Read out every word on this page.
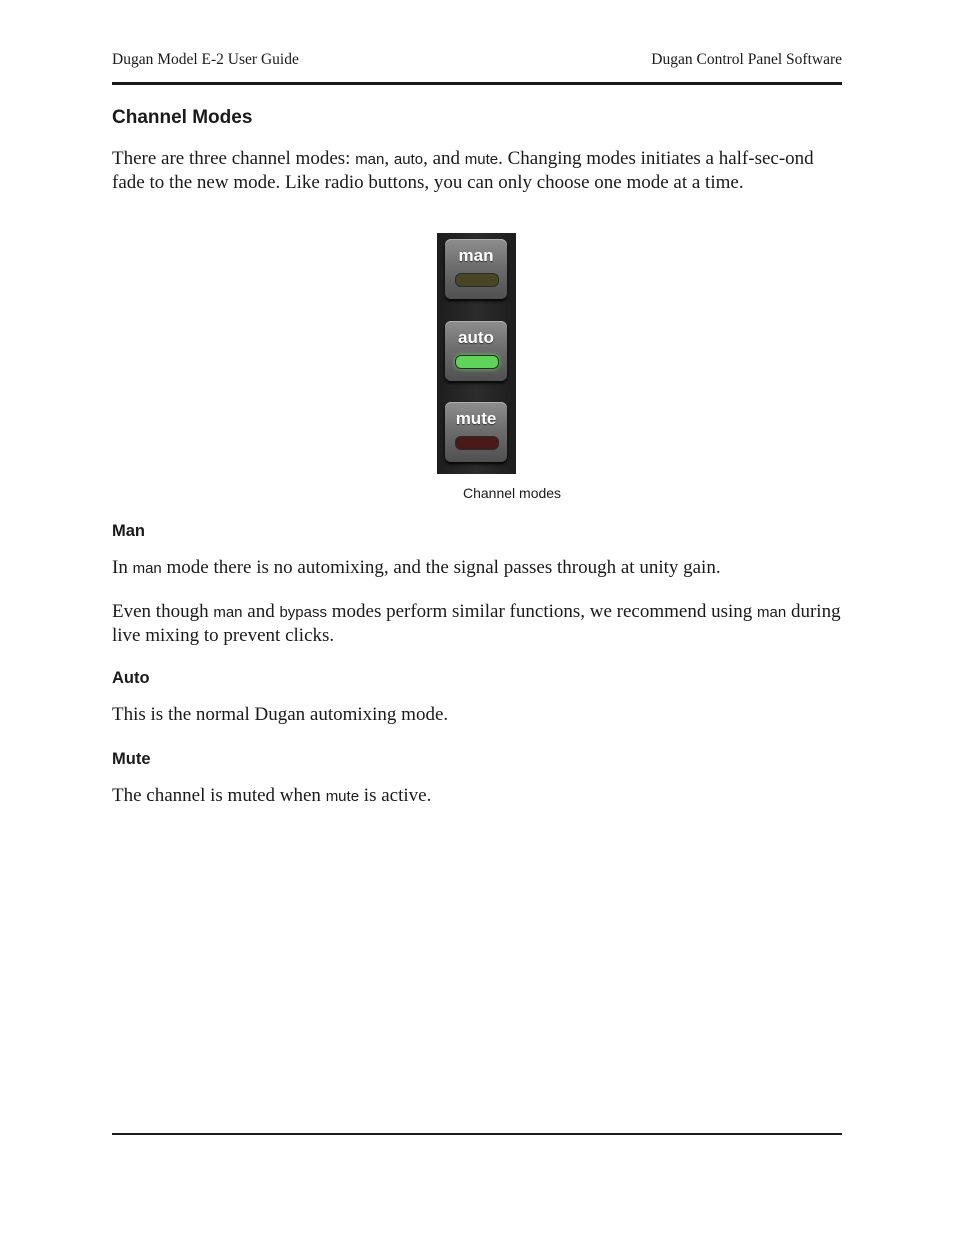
Dugan Model E-2 User Guide	Dugan Control Panel Software
Channel Modes

There are three channel modes: man, auto, and mute. Changing modes initiates a half-sec-ond fade to the new mode. Like radio buttons, you can only choose one mode at a time.

man
auto
mute
Channel modes
Man

In man mode there is no automixing, and the signal passes through at unity gain.

Even though man and bypass modes perform similar functions, we recommend using man during live mixing to prevent clicks.

Auto

This is the normal Dugan automixing mode.

Mute

The channel is muted when mute is active.
